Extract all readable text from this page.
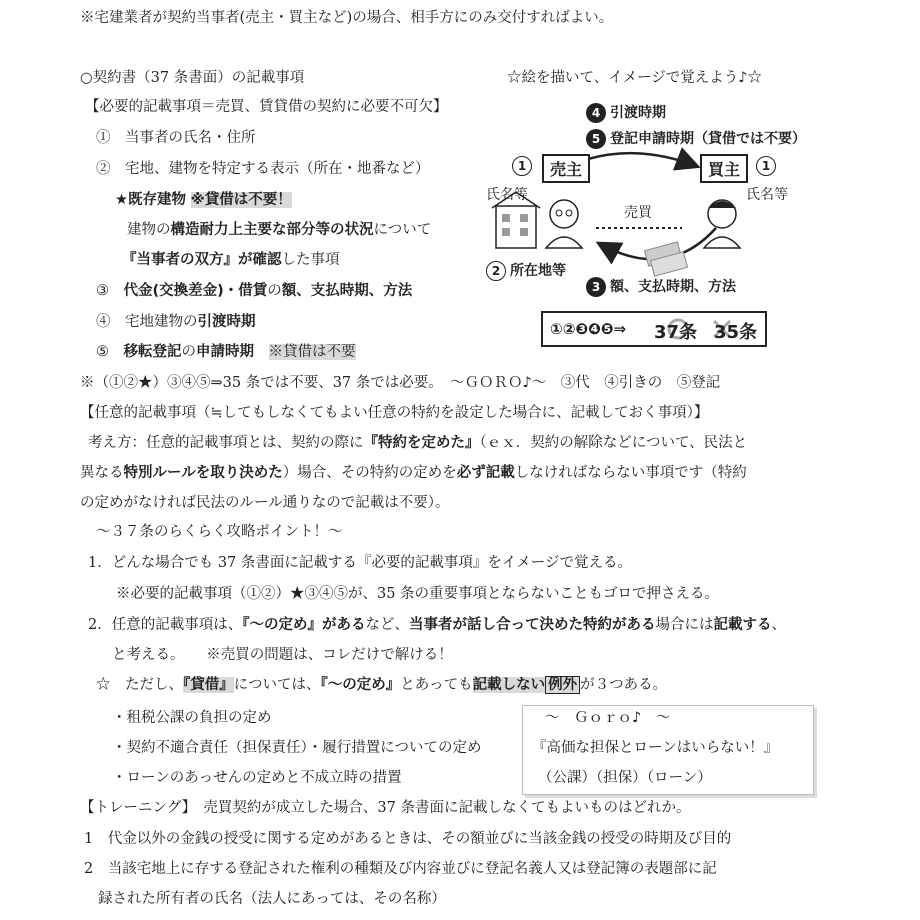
※宅建業者が契約当事者(売主・買主など)の場合、相手方にのみ交付すればよい。
○契約書（37 条書面）の記載事項	☆絵を描いて、イメージで覚えよう♪☆
【必要的記載事項＝売買、賃貸借の契約に必要不可欠】
①　 当事者の氏名・住所
②　 宅地、建物を特定する表示（所在・地番など）
★既存建物 ※貸借は不要！
建物の構造耐力上主要な部分等の状況について
『当事者の双方』が確認した事項
③　 代金(交換差金)・借賃の額、支払時期、方法
④　 宅地建物の引渡時期
⑤　 移転登記の申請時期　 ※貸借は不要
4 引渡時期
5 登記申請時期（貸借では不要）
1	売主
氏名等
買主	1
氏名等
売買
2 所在地等
3 額、支払時期、方法
①②❸❹❺⇒ 37条 35条
※（①②★）③④⑤⇒35 条では不要、37 条では必要。　～ＧＯＲＯ♪～　③代　④引きの　⑤登記
【任意的記載事項（≒してもしなくてもよい任意の特約を設定した場合に、記載しておく事項）】
考え方：任意的記載事項とは、契約の際に『特約を定めた』（ｅｘ．契約の解除などについて、民法と
異なる特別ルールを取り決めた）場合、その特約の定めを必ず記載しなければならない事項です（特約
の定めがなければ民法のルール通りなので記載は不要）。
～３７条のらくらく攻略ポイント！～
1．どんな場合でも 37 条書面に記載する『必要的記載事項』をイメージで覚える。
※必要的記載事項（①②）★③④⑤が、35 条の重要事項とならないこともゴロで押さえる。
2．任意的記載事項は、『～の定め』があるなど、当事者が話し合って決めた特約がある場合には記載する、
と考える。　　※売買の問題は、コレだけで解ける！
☆　ただし、『貸借』については、『～の定め』とあっても記載しない 例外 が３つある。
・租税公課の負担の定め
・契約不適合責任（担保責任）・履行措置についての定め
・ローンのあっせんの定めと不成立時の措置
～　Ｇｏｒｏ♪　～
『高価な担保とローンはいらない！』
（公課）（担保）（ローン）
【トレーニング】　売買契約が成立した場合、37 条書面に記載しなくてもよいものはどれか。
1　代金以外の金銭の授受に関する定めがあるときは、その額並びに当該金銭の授受の時期及び目的
2　当該宅地上に存する登記された権利の種類及び内容並びに登記名義人又は登記簿の表題部に記
録された所有者の氏名（法人にあっては、その名称）
